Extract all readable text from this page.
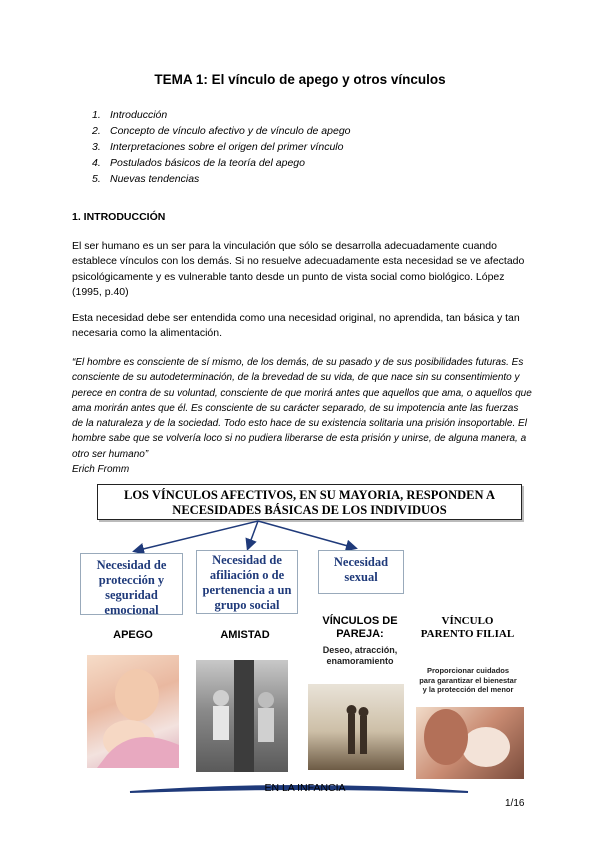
TEMA 1: El vínculo de apego y otros vínculos
1. Introducción
2. Concepto de vínculo afectivo y de vínculo de apego
3. Interpretaciones sobre el origen del primer vínculo
4. Postulados básicos de la teoría del apego
5. Nuevas tendencias
1. INTRODUCCIÓN

El ser humano es un ser para la vinculación que sólo se desarrolla adecuadamente cuando establece vínculos con los demás. Si no resuelve adecuadamente esta necesidad se ve afectado psicológicamente y es vulnerable tanto desde un punto de vista social como biológico. López (1995, p.40)

Esta necesidad debe ser entendida como una necesidad original, no aprendida, tan básica y tan necesaria como la alimentación.

“El hombre es consciente de sí mismo, de los demás, de su pasado y de sus posibilidades futuras. Es consciente de su autodeterminación, de la brevedad de su vida, de que nace sin su consentimiento y perece en contra de su voluntad, consciente de que morirá antes que aquellos que ama, o aquellos que ama morirán antes que él. Es consciente de su carácter separado, de su impotencia ante las fuerzas de la naturaleza y de la sociedad. Todo esto hace de su existencia solitaria una prisión insoportable. El hombre sabe que se volvería loco si no pudiera liberarse de esta prisión y unirse, de alguna manera, a otro ser humano”
Erich Fromm
LOS VÍNCULOS AFECTIVOS, EN SU MAYORIA, RESPONDEN A
NECESIDADES BÁSICAS DE LOS INDIVIDUOS
Necesidad de protección y seguridad emocional
Necesidad de afiliación o de pertenencia a un grupo social
Necesidad sexual
APEGO	AMISTAD
VÍNCULOS DE PAREJA:
Deseo, atracción, enamoramiento
VÍNCULO PARENTO FILIAL
Proporcionar cuidados para garantizar el bienestar y la protección del menor
EN LA INFANCIA
1/16
